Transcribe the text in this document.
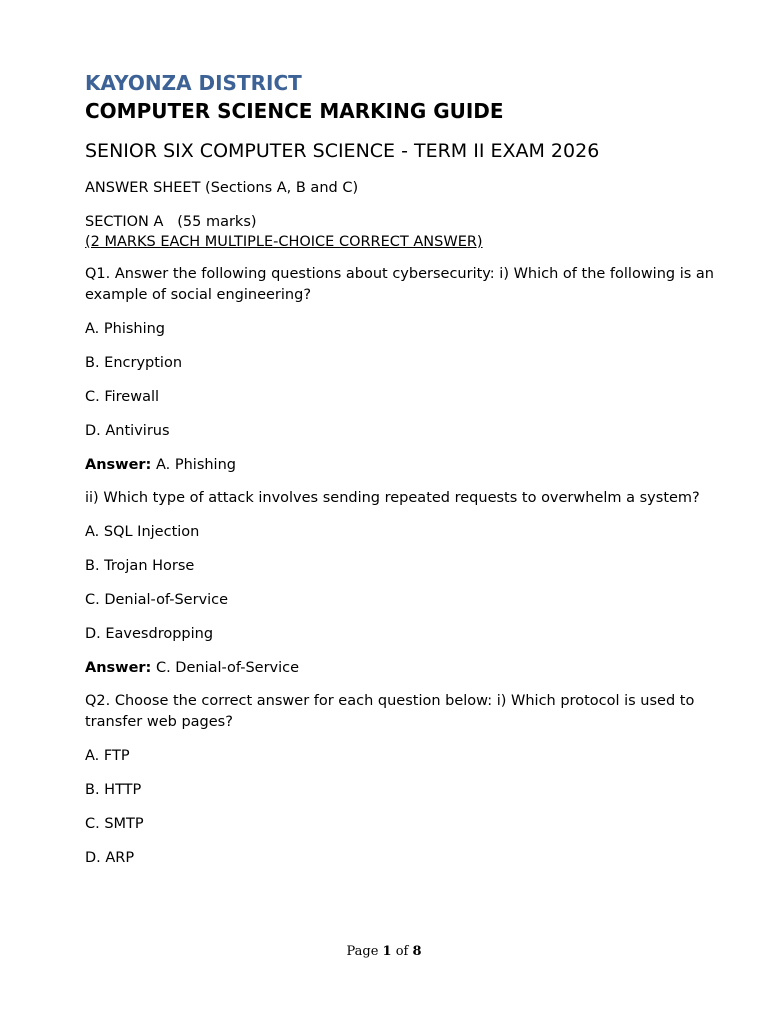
KAYONZA DISTRICT

COMPUTER SCIENCE MARKING GUIDE

SENIOR SIX COMPUTER SCIENCE - TERM II EXAM 2026

ANSWER SHEET (Sections A, B and C)

SECTION A   (55 marks)

(2 MARKS EACH MULTIPLE-CHOICE CORRECT ANSWER)

Q1. Answer the following questions about cybersecurity: i) Which of the following is an example of social engineering?

A. Phishing

B. Encryption

C. Firewall

D. Antivirus

Answer: A. Phishing

ii) Which type of attack involves sending repeated requests to overwhelm a system?

A. SQL Injection

B. Trojan Horse

C. Denial-of-Service

D. Eavesdropping

Answer: C. Denial-of-Service

Q2. Choose the correct answer for each question below: i) Which protocol is used to transfer web pages?

A. FTP

B. HTTP

C. SMTP

D. ARP

Page 1 of 8
